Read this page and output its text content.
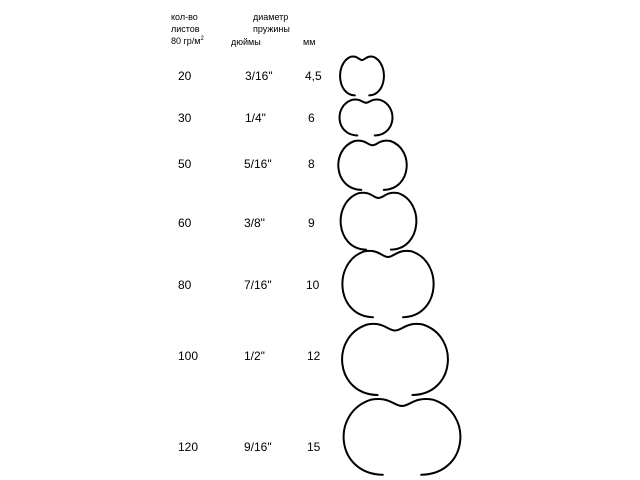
кол-во
листов
80 $гр/м^2$
диаметр
пружины
дюймы	мм
20	3/16"	4,5
30	1/4"	6
50	5/16"	8
60	3/8"	9
80	7/16"	10
100	1/2"	12
120	9/16"	15
